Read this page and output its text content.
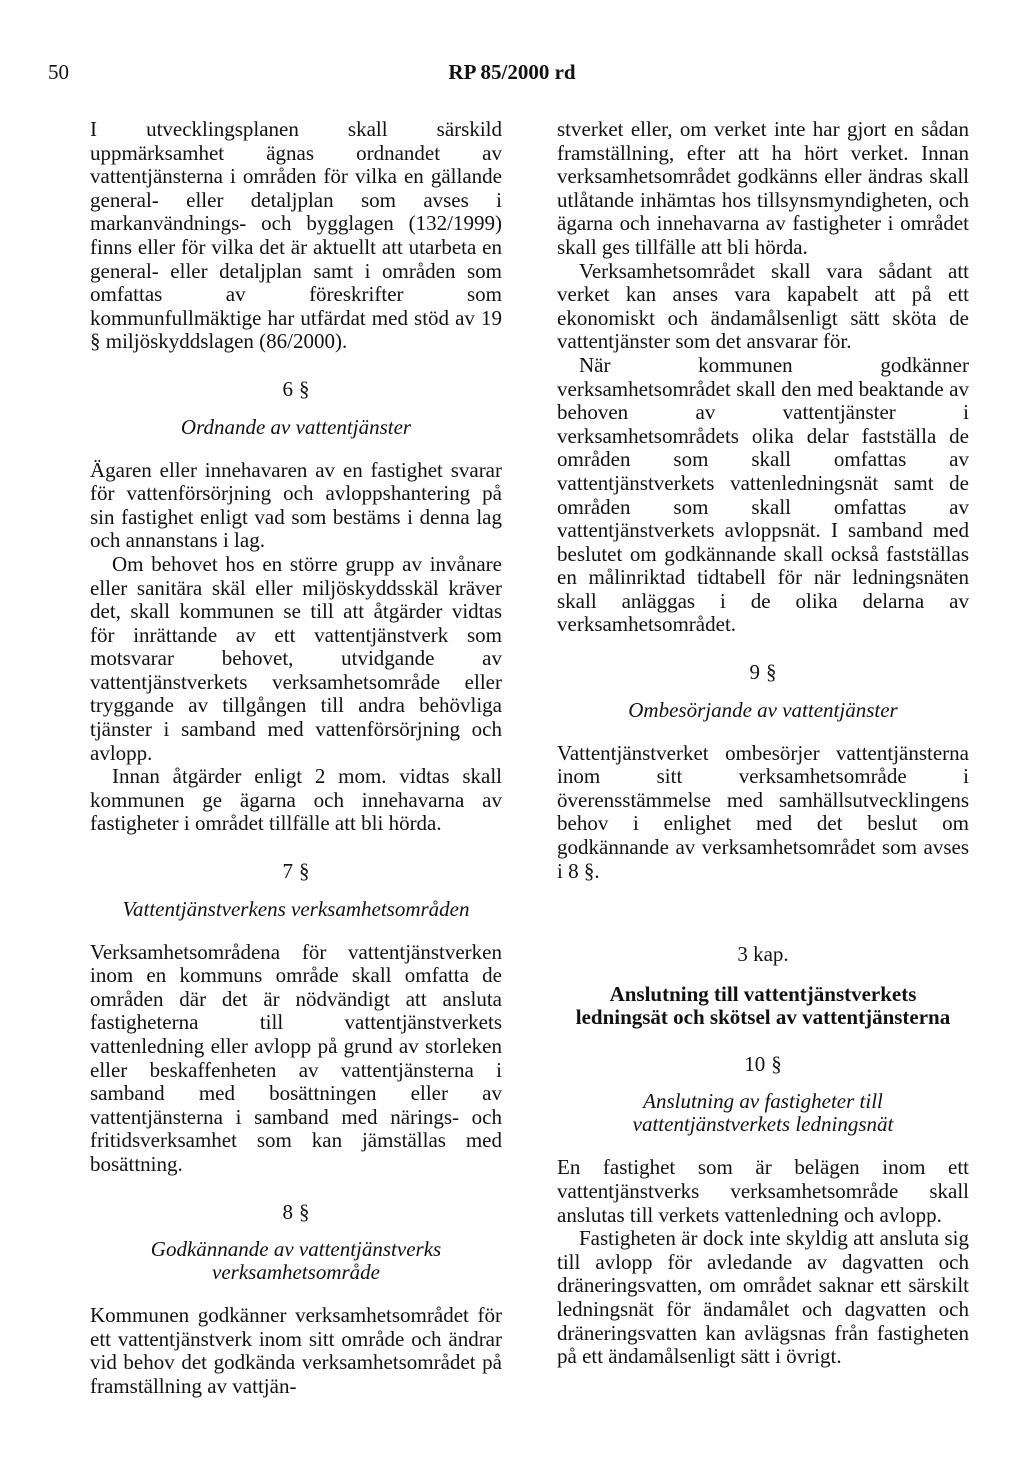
50	RP 85/2000 rd

I utvecklingsplanen skall särskild uppmärksamhet ägnas ordnandet av vattentjänsterna i områden för vilka en gällande general- eller detaljplan som avses i markanvändnings- och bygglagen (132/1999) finns eller för vilka det är aktuellt att utarbeta en general- eller detaljplan samt i områden som omfattas av föreskrifter som kommunfullmäktige har utfärdat med stöd av 19 § miljöskyddslagen (86/2000).

6 §
Ordnande av vattentjänster

Ägaren eller innehavaren av en fastighet svarar för vattenförsörjning och avloppshantering på sin fastighet enligt vad som bestäms i denna lag och annanstans i lag.

Om behovet hos en större grupp av invånare eller sanitära skäl eller miljöskyddsskäl kräver det, skall kommunen se till att åtgärder vidtas för inrättande av ett vattentjänstverk som motsvarar behovet, utvidgande av vattentjänstverkets verksamhetsområde eller tryggande av tillgången till andra behövliga tjänster i samband med vattenförsörjning och avlopp.

Innan åtgärder enligt 2 mom. vidtas skall kommunen ge ägarna och innehavarna av fastigheter i området tillfälle att bli hörda.

7 §
Vattentjänstverkens verksamhetsområden

Verksamhetsområdena för vattentjänstverken inom en kommuns område skall omfatta de områden där det är nödvändigt att ansluta fastigheterna till vattentjänstverkets vattenledning eller avlopp på grund av storleken eller beskaffenheten av vattentjänsterna i samband med bosättningen eller av vattentjänsterna i samband med närings- och fritidsverksamhet som kan jämställas med bosättning.

8 §
Godkännande av vattentjänstverks
verksamhetsområde

Kommunen godkänner verksamhetsområdet för ett vattentjänstverk inom sitt område och ändrar vid behov det godkända verksamhetsområdet på framställning av vattjän-

stverket eller, om verket inte har gjort en sådan framställning, efter att ha hört verket. Innan verksamhetsområdet godkänns eller ändras skall utlåtande inhämtas hos tillsynsmyndigheten, och ägarna och innehavarna av fastigheter i området skall ges tillfälle att bli hörda.

Verksamhetsområdet skall vara sådant att verket kan anses vara kapabelt att på ett ekonomiskt och ändamålsenligt sätt sköta de vattentjänster som det ansvarar för.

När kommunen godkänner verksamhetsområdet skall den med beaktande av behoven av vattentjänster i verksamhetsområdets olika delar fastställa de områden som skall omfattas av vattentjänstverkets vattenledningsnät samt de områden som skall omfattas av vattentjänstverkets avloppsnät. I samband med beslutet om godkännande skall också fastställas en målinriktad tidtabell för när ledningsnäten skall anläggas i de olika delarna av verksamhetsområdet.

9 §
Ombesörjande av vattentjänster

Vattentjänstverket ombesörjer vattentjänsterna inom sitt verksamhetsområde i överensstämmelse med samhällsutvecklingens behov i enlighet med det beslut om godkännande av verksamhetsområdet som avses i 8 §.

3 kap.
Anslutning till vattentjänstverkets
ledningsät och skötsel av vattentjänsterna
10 §
Anslutning av fastigheter till
vattentjänstverkets ledningsnät

En fastighet som är belägen inom ett vattentjänstverks verksamhetsområde skall anslutas till verkets vattenledning och avlopp.

Fastigheten är dock inte skyldig att ansluta sig till avlopp för avledande av dagvatten och dräneringsvatten, om området saknar ett särskilt ledningsnät för ändamålet och dagvatten och dräneringsvatten kan avlägsnas från fastigheten på ett ändamålsenligt sätt i övrigt.
